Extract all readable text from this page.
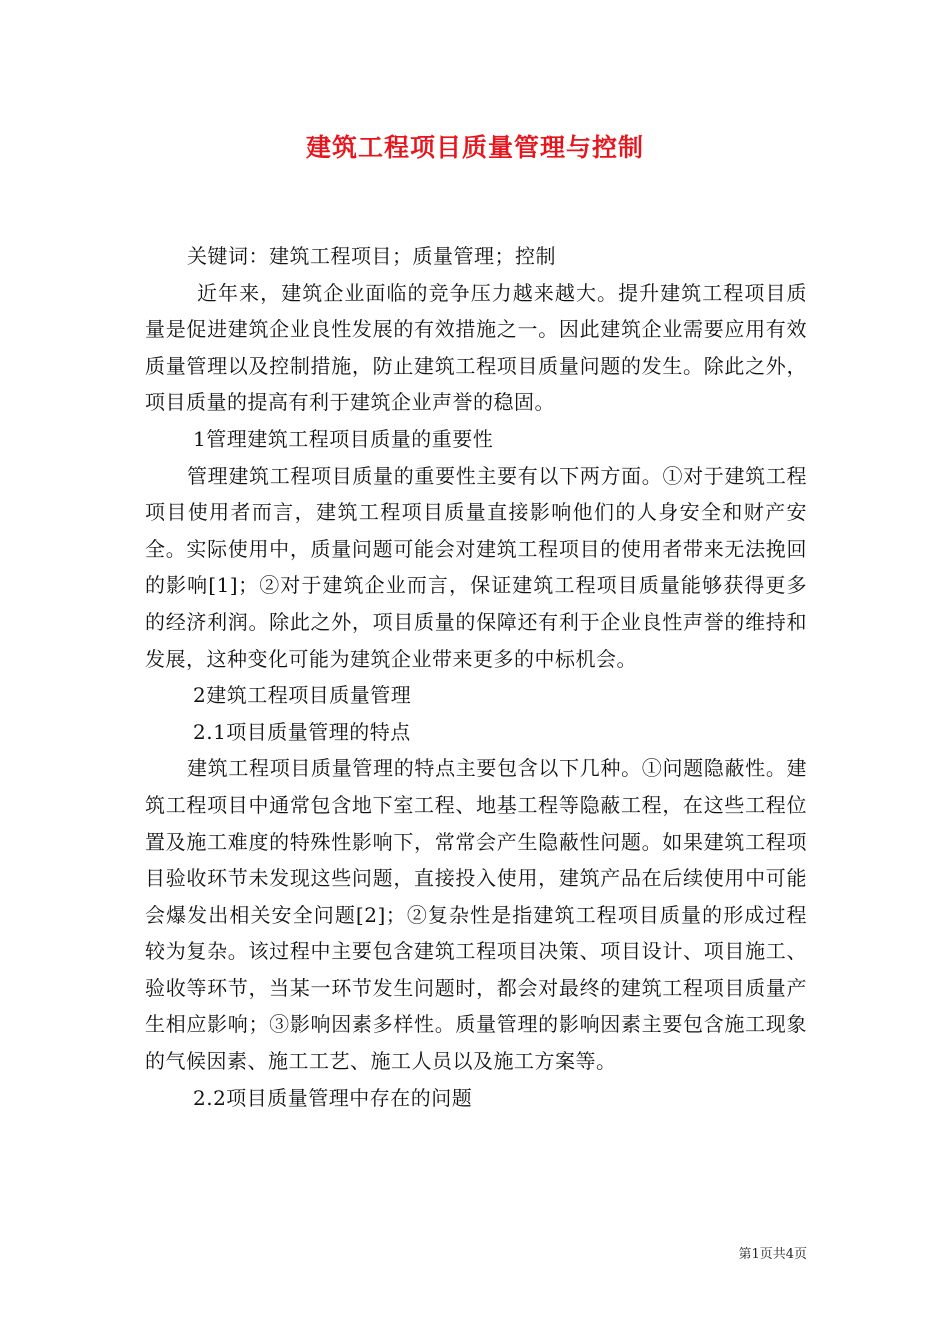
建筑工程项目质量管理与控制

关键词：建筑工程项目；质量管理；控制

近年来，建筑企业面临的竞争压力越来越大。提升建筑工程项目质量是促进建筑企业良性发展的有效措施之一。因此建筑企业需要应用有效质量管理以及控制措施，防止建筑工程项目质量问题的发生。除此之外，项目质量的提高有利于建筑企业声誉的稳固。

1管理建筑工程项目质量的重要性

管理建筑工程项目质量的重要性主要有以下两方面。①对于建筑工程项目使用者而言，建筑工程项目质量直接影响他们的人身安全和财产安全。实际使用中，质量问题可能会对建筑工程项目的使用者带来无法挽回的影响[1]；②对于建筑企业而言，保证建筑工程项目质量能够获得更多的经济利润。除此之外，项目质量的保障还有利于企业良性声誉的维持和发展，这种变化可能为建筑企业带来更多的中标机会。

2建筑工程项目质量管理

2.1项目质量管理的特点

建筑工程项目质量管理的特点主要包含以下几种。①问题隐蔽性。建筑工程项目中通常包含地下室工程、地基工程等隐蔽工程，在这些工程位置及施工难度的特殊性影响下，常常会产生隐蔽性问题。如果建筑工程项目验收环节未发现这些问题，直接投入使用，建筑产品在后续使用中可能会爆发出相关安全问题[2]；②复杂性是指建筑工程项目质量的形成过程较为复杂。该过程中主要包含建筑工程项目决策、项目设计、项目施工、验收等环节，当某一环节发生问题时，都会对最终的建筑工程项目质量产生相应影响；③影响因素多样性。质量管理的影响因素主要包含施工现象的气候因素、施工工艺、施工人员以及施工方案等。

2.2项目质量管理中存在的问题

第1页共4页
